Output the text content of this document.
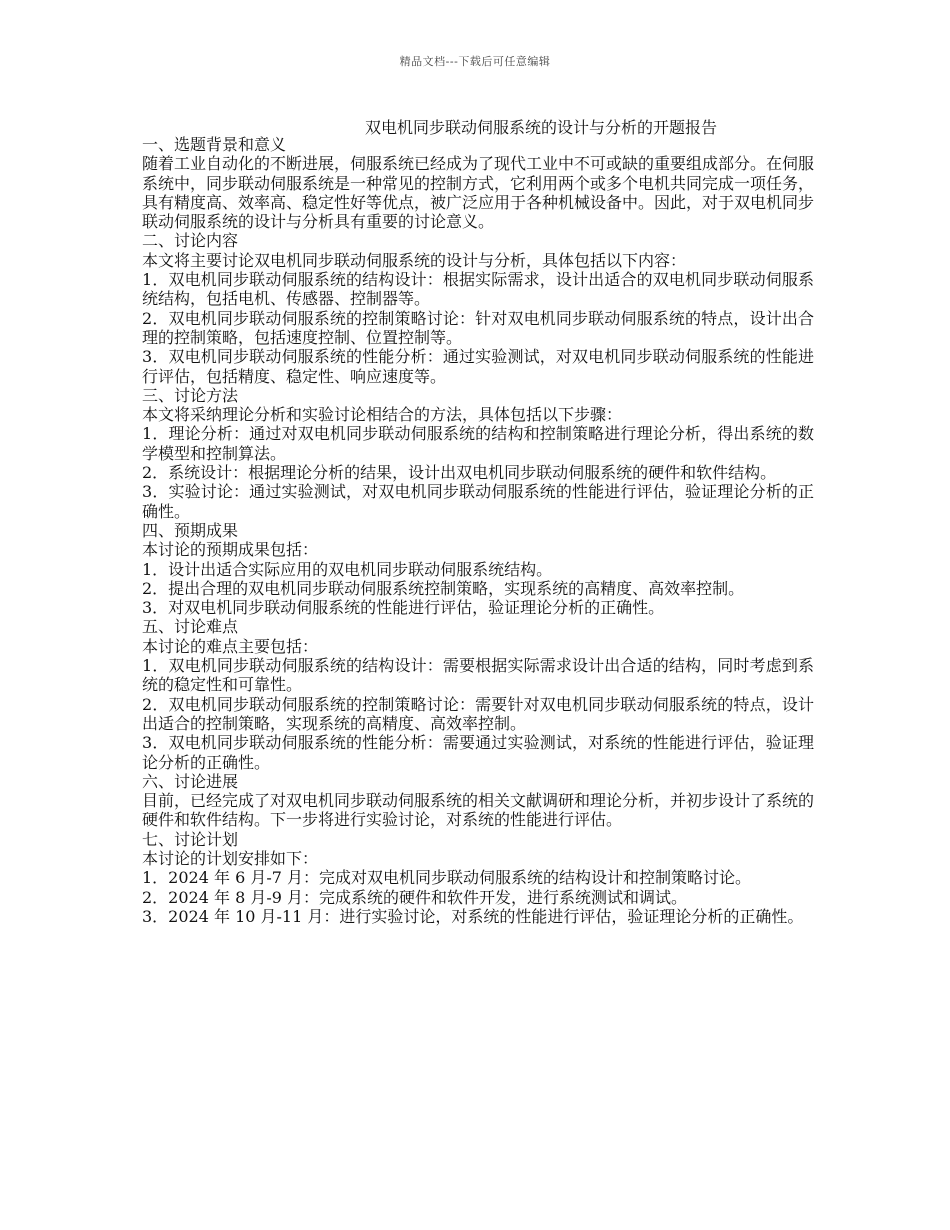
精品文档---下载后可任意编辑
双电机同步联动伺服系统的设计与分析的开题报告

一、选题背景和意义

随着工业自动化的不断进展，伺服系统已经成为了现代工业中不可或缺的重要组成部分。在伺服系统中，同步联动伺服系统是一种常见的控制方式，它利用两个或多个电机共同完成一项任务，具有精度高、效率高、稳定性好等优点，被广泛应用于各种机械设备中。因此，对于双电机同步联动伺服系统的设计与分析具有重要的讨论意义。

二、讨论内容

本文将主要讨论双电机同步联动伺服系统的设计与分析，具体包括以下内容：

1．双电机同步联动伺服系统的结构设计：根据实际需求，设计出适合的双电机同步联动伺服系统结构，包括电机、传感器、控制器等。

2．双电机同步联动伺服系统的控制策略讨论：针对双电机同步联动伺服系统的特点，设计出合理的控制策略，包括速度控制、位置控制等。

3．双电机同步联动伺服系统的性能分析：通过实验测试，对双电机同步联动伺服系统的性能进行评估，包括精度、稳定性、响应速度等。

三、讨论方法

本文将采纳理论分析和实验讨论相结合的方法，具体包括以下步骤：

1．理论分析：通过对双电机同步联动伺服系统的结构和控制策略进行理论分析，得出系统的数学模型和控制算法。

2．系统设计：根据理论分析的结果，设计出双电机同步联动伺服系统的硬件和软件结构。

3．实验讨论：通过实验测试，对双电机同步联动伺服系统的性能进行评估，验证理论分析的正确性。

四、预期成果

本讨论的预期成果包括：

1．设计出适合实际应用的双电机同步联动伺服系统结构。

2．提出合理的双电机同步联动伺服系统控制策略，实现系统的高精度、高效率控制。

3．对双电机同步联动伺服系统的性能进行评估，验证理论分析的正确性。

五、讨论难点

本讨论的难点主要包括：

1．双电机同步联动伺服系统的结构设计：需要根据实际需求设计出合适的结构，同时考虑到系统的稳定性和可靠性。

2．双电机同步联动伺服系统的控制策略讨论：需要针对双电机同步联动伺服系统的特点，设计出适合的控制策略，实现系统的高精度、高效率控制。

3．双电机同步联动伺服系统的性能分析：需要通过实验测试，对系统的性能进行评估，验证理论分析的正确性。

六、讨论进展

目前，已经完成了对双电机同步联动伺服系统的相关文献调研和理论分析，并初步设计了系统的硬件和软件结构。下一步将进行实验讨论，对系统的性能进行评估。

七、讨论计划

本讨论的计划安排如下：

1．2024 年 6 月-7 月：完成对双电机同步联动伺服系统的结构设计和控制策略讨论。

2．2024 年 8 月-9 月：完成系统的硬件和软件开发，进行系统测试和调试。

3．2024 年 10 月-11 月：进行实验讨论，对系统的性能进行评估，验证理论分析的正确性。
